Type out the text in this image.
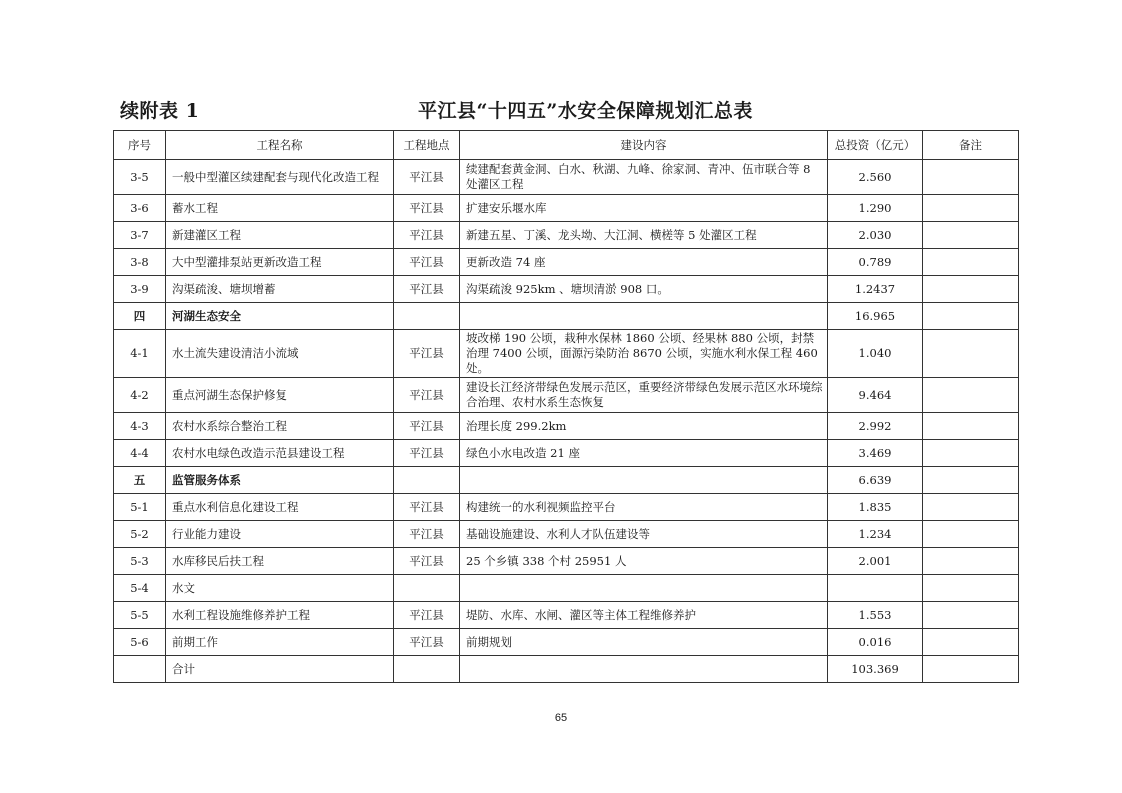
续附表 1	平江县“十四五”水安全保障规划汇总表
序号	工程名称	工程地点	建设内容	总投资（亿元）	备注
3-5	一般中型灌区续建配套与现代化改造工程	平江县	续建配套黄金洞、白水、秋湖、九峰、徐家洞、青冲、伍市联合等 8 处灌区工程	2.560	
3-6	蓄水工程	平江县	扩建安乐堰水库	1.290	
3-7	新建灌区工程	平江县	新建五星、丁溪、龙头坳、大江洞、横槎等 5 处灌区工程	2.030	
3-8	大中型灌排泵站更新改造工程	平江县	更新改造 74 座	0.789	
3-9	沟渠疏浚、塘坝增蓄	平江县	沟渠疏浚 925km 、塘坝清淤 908 口。	1.2437	
四	河湖生态安全			16.965	
4-1	水土流失建设清洁小流域	平江县	坡改梯 190 公顷，栽种水保林 1860 公顷、经果林 880 公顷，封禁治理 7400 公顷，面源污染防治 8670 公顷，实施水利水保工程 460 处。	1.040	
4-2	重点河湖生态保护修复	平江县	建设长江经济带绿色发展示范区，重要经济带绿色发展示范区水环境综合治理、农村水系生态恢复	9.464	
4-3	农村水系综合整治工程	平江县	治理长度 299.2km	2.992	
4-4	农村水电绿色改造示范县建设工程	平江县	绿色小水电改造 21 座	3.469	
五	监管服务体系			6.639	
5-1	重点水利信息化建设工程	平江县	构建统一的水利视频监控平台	1.835	
5-2	行业能力建设	平江县	基础设施建设、水利人才队伍建设等	1.234	
5-3	水库移民后扶工程	平江县	25 个乡镇 338 个村 25951 人	2.001	
5-4	水文				
5-5	水利工程设施维修养护工程	平江县	堤防、水库、水闸、灌区等主体工程维修养护	1.553	
5-6	前期工作	平江县	前期规划	0.016	
	合计			103.369	
65
